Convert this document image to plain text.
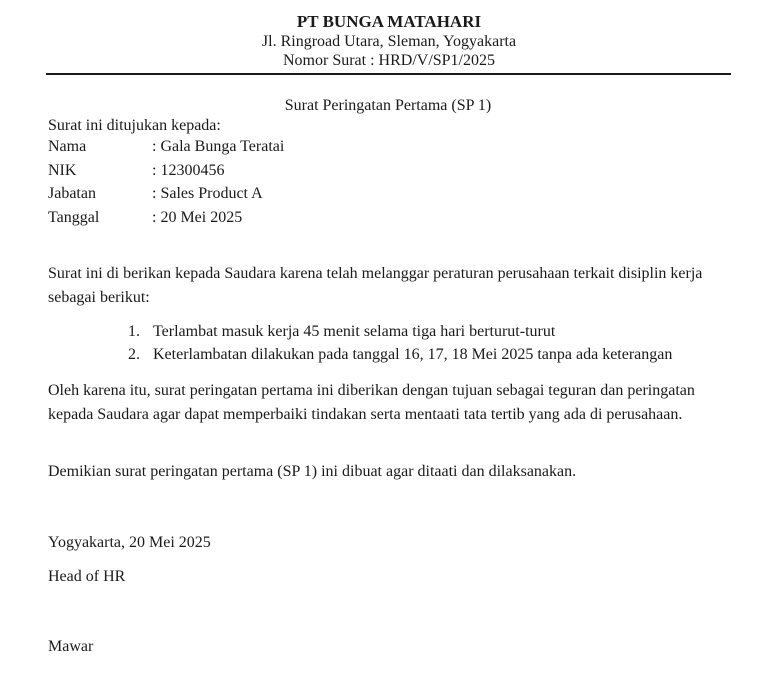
PT BUNGA MATAHARI
Jl. Ringroad Utara, Sleman, Yogyakarta
Nomor Surat : HRD/V/SP1/2025
Surat Peringatan Pertama (SP 1)
Surat ini ditujukan kepada:
Nama	: Gala Bunga Teratai
NIK	: 12300456
Jabatan	: Sales Product A
Tanggal	: 20 Mei 2025

Surat ini di berikan kepada Saudara karena telah melanggar peraturan perusahaan terkait disiplin kerja sebagai berikut:

1. Terlambat masuk kerja 45 menit selama tiga hari berturut-turut
2. Keterlambatan dilakukan pada tanggal 16, 17, 18 Mei 2025 tanpa ada keterangan

Oleh karena itu, surat peringatan pertama ini diberikan dengan tujuan sebagai teguran dan peringatan kepada Saudara agar dapat memperbaiki tindakan serta mentaati tata tertib yang ada di perusahaan.

Demikian surat peringatan pertama (SP 1) ini dibuat agar ditaati dan dilaksanakan.

Yogyakarta, 20 Mei 2025
Head of HR
Mawar
